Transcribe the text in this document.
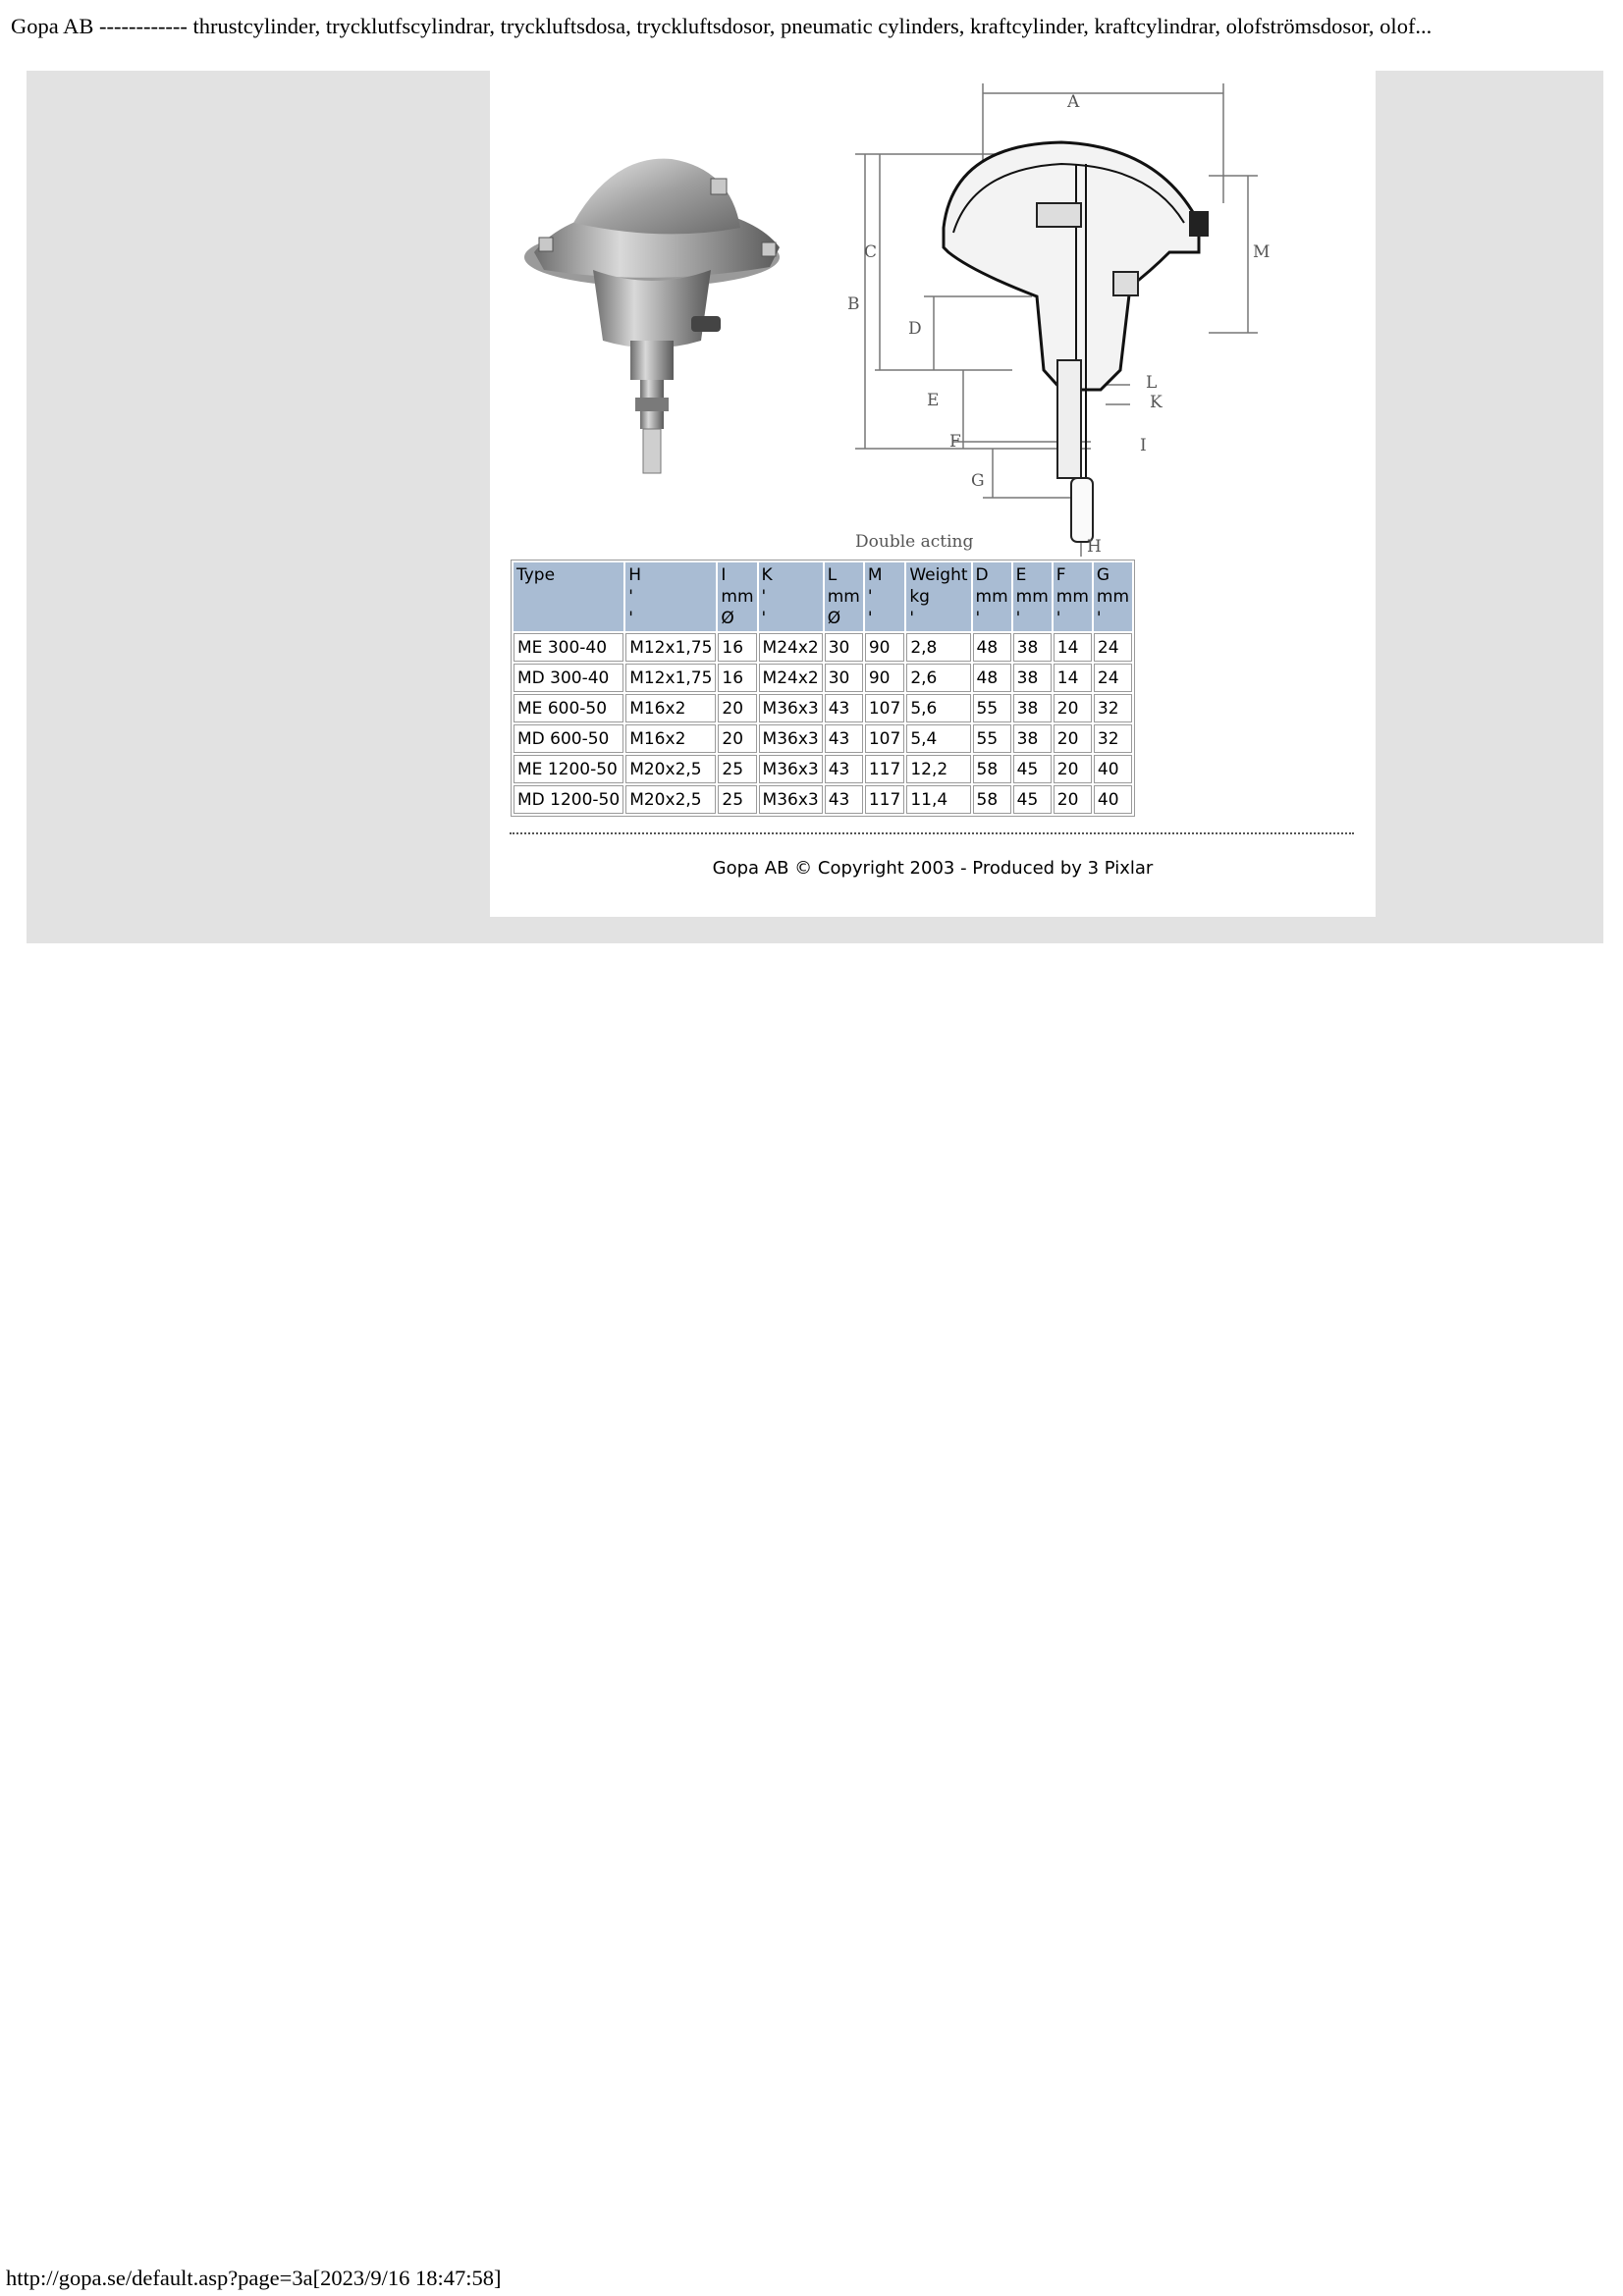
Gopa AB ------------ thrustcylinder, trycklutfscylindrar, tryckluftsdosa, tryckluftsdosor, pneumatic cylinders, kraftcylinder, kraftcylindrar, olofströmsdosor, olof...
A
B
C
D
E
F
G
H
I
K
L
M
Double acting
Type	H
'
'	I
mm
Ø	K
'
'	L
mm
Ø	M
'
'	Weight
kg
'	D
mm
'	E
mm
'	F
mm
'	G
mm
'
ME 300-40	M12x1,75	16	M24x2	30	90	2,8	48	38	14	24
MD 300-40	M12x1,75	16	M24x2	30	90	2,6	48	38	14	24
ME 600-50	M16x2	20	M36x3	43	107	5,6	55	38	20	32
MD 600-50	M16x2	20	M36x3	43	107	5,4	55	38	20	32
ME 1200-50	M20x2,5	25	M36x3	43	117	12,2	58	45	20	40
MD 1200-50	M20x2,5	25	M36x3	43	117	11,4	58	45	20	40
Gopa AB © Copyright 2003 - Produced by 3 Pixlar
http://gopa.se/default.asp?page=3a[2023/9/16 18:47:58]
